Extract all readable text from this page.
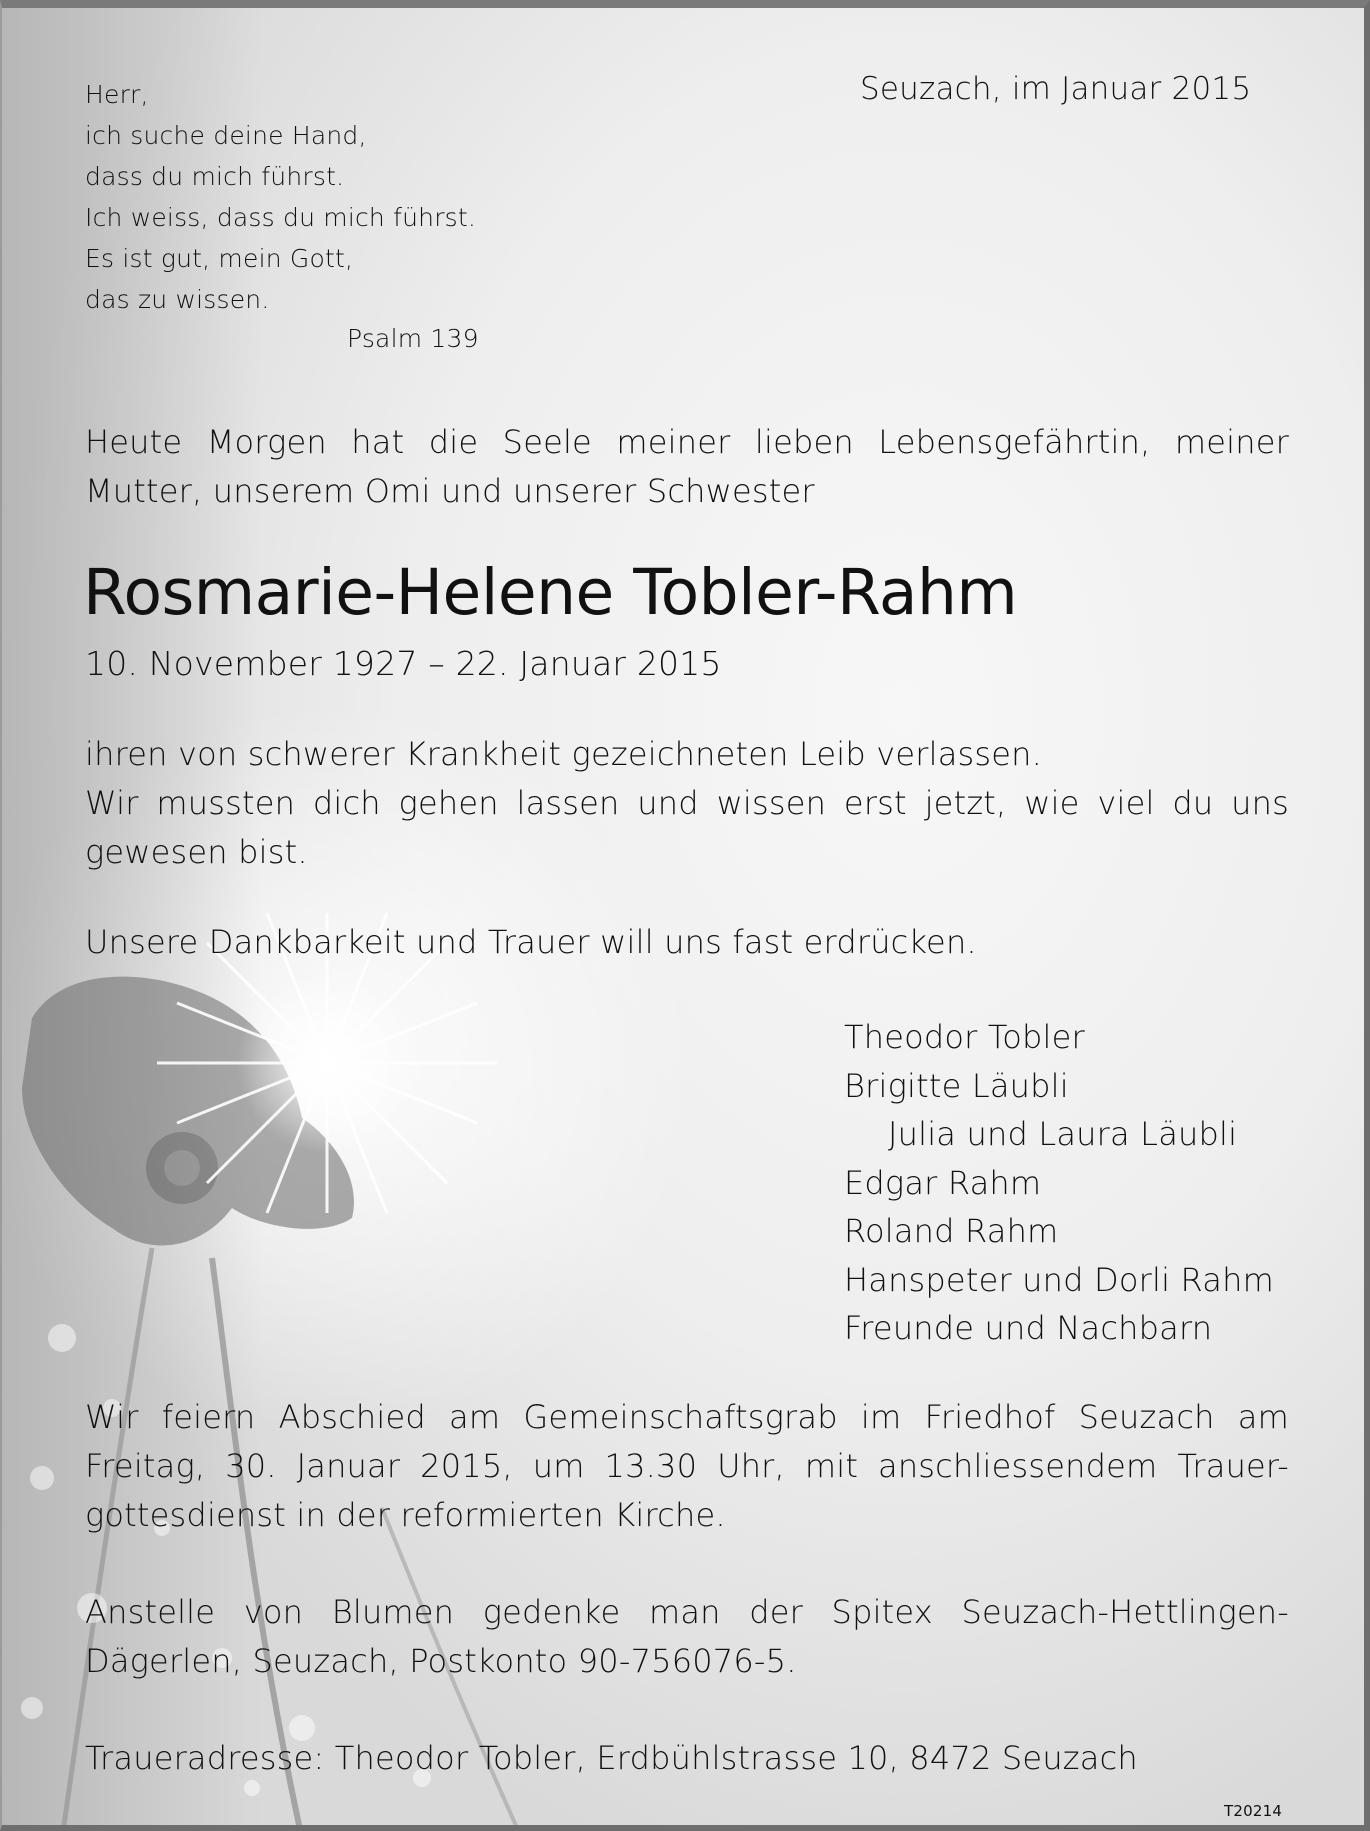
Herr,
ich suche deine Hand,
dass du mich führst.
Ich weiss, dass du mich führst.
Es ist gut, mein Gott,
das zu wissen.
Psalm 139
Seuzach, im Januar 2015
Heute Morgen hat die Seele meiner lieben Lebensgefährtin, meiner
Mutter, unserem Omi und unserer Schwester
Rosmarie-Helene Tobler-Rahm
10. November 1927 – 22. Januar 2015
ihren von schwerer Krankheit gezeichneten Leib verlassen.
Wir mussten dich gehen lassen und wissen erst jetzt, wie viel du uns
gewesen bist.
Unsere Dankbarkeit und Trauer will uns fast erdrücken.
Theodor Tobler
Brigitte Läubli
Julia und Laura Läubli
Edgar Rahm
Roland Rahm
Hanspeter und Dorli Rahm
Freunde und Nachbarn
Wir feiern Abschied am Gemeinschaftsgrab im Friedhof Seuzach am
Freitag, 30. Januar 2015, um 13.30 Uhr, mit anschliessendem Trauer-
gottesdienst in der reformierten Kirche.
Anstelle von Blumen gedenke man der Spitex Seuzach-Hettlingen-
Dägerlen, Seuzach, Postkonto 90-756076-5.
Traueradresse: Theodor Tobler, Erdbühlstrasse 10, 8472 Seuzach
T20214
